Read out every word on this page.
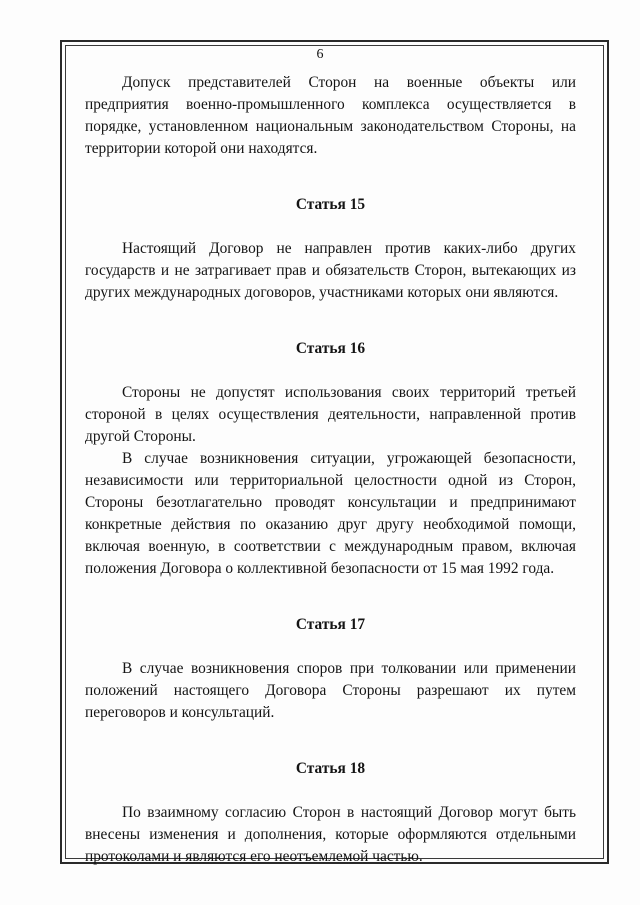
6

Допуск представителей Сторон на военные объекты или предприятия военно-промышленного комплекса осуществляется в порядке, установленном национальным законодательством Стороны, на территории которой они находятся.

Статья 15

Настоящий Договор не направлен против каких-либо других государств и не затрагивает прав и обязательств Сторон, вытекающих из других международных договоров, участниками которых они являются.

Статья 16

Стороны не допустят использования своих территорий третьей стороной в целях осуществления деятельности, направленной против другой Стороны.

В случае возникновения ситуации, угрожающей безопасности, независимости или территориальной целостности одной из Сторон, Стороны безотлагательно проводят консультации и предпринимают конкретные действия по оказанию друг другу необходимой помощи, включая военную, в соответствии с международным правом, включая положения Договора о коллективной безопасности от 15 мая 1992 года.

Статья 17

В случае возникновения споров при толковании или применении положений настоящего Договора Стороны разрешают их путем переговоров и консультаций.

Статья 18

По взаимному согласию Сторон в настоящий Договор могут быть внесены изменения и дополнения, которые оформляются отдельными протоколами и являются его неотъемлемой частью.
